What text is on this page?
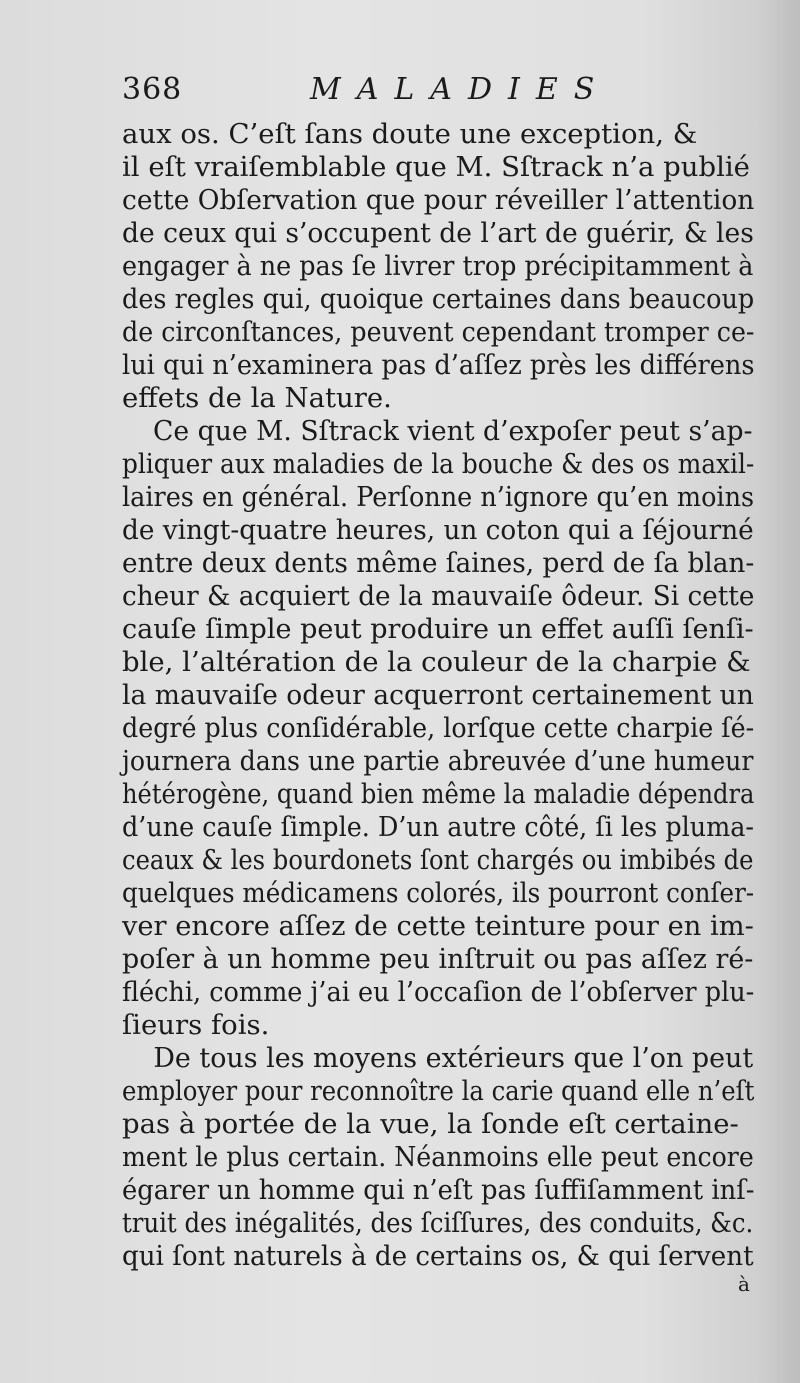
368	MALADIES

aux os. C’eſt ſans doute une exception, &
il eſt vraiſemblable que M. Sſtrack n’a publié
cette Obſervation que pour réveiller l’attention
de ceux qui s’occupent de l’art de guérir, & les
engager à ne pas ſe livrer trop précipitamment à
des regles qui, quoique certaines dans beaucoup
de circonſtances, peuvent cependant tromper ce-
lui qui n’examinera pas d’aſſez près les différens
effets de la Nature.

Ce que M. Sſtrack vient d’expoſer peut s’ap-
pliquer aux maladies de la bouche & des os maxil-
laires en général. Perſonne n’ignore qu’en moins
de vingt-quatre heures, un coton qui a ſéjourné
entre deux dents même ſaines, perd de ſa blan-
cheur & acquiert de la mauvaiſe ôdeur. Si cette
cauſe ſimple peut produire un effet auſſi ſenſi-
ble, l’altération de la couleur de la charpie &
la mauvaiſe odeur acquerront certainement un
degré plus conſidérable, lorſque cette charpie ſé-
journera dans une partie abreuvée d’une humeur
hétérogène, quand bien même la maladie dépendra
d’une cauſe ſimple. D’un autre côté, ſi les pluma-
ceaux & les bourdonets ſont chargés ou imbibés de
quelques médicamens colorés, ils pourront conſer-
ver encore aſſez de cette teinture pour en im-
poſer à un homme peu inſtruit ou pas aſſez ré-
fléchi, comme j’ai eu l’occaſion de l’obſerver plu-
ſieurs fois.

De tous les moyens extérieurs que l’on peut
employer pour reconnoître la carie quand elle n’eſt
pas à portée de la vue, la ſonde eſt certaine-
ment le plus certain. Néanmoins elle peut encore
égarer un homme qui n’eſt pas ſuffiſamment inſ-
truit des inégalités, des ſciſſures, des conduits, &c.
qui ſont naturels à de certains os, & qui ſervent

à
